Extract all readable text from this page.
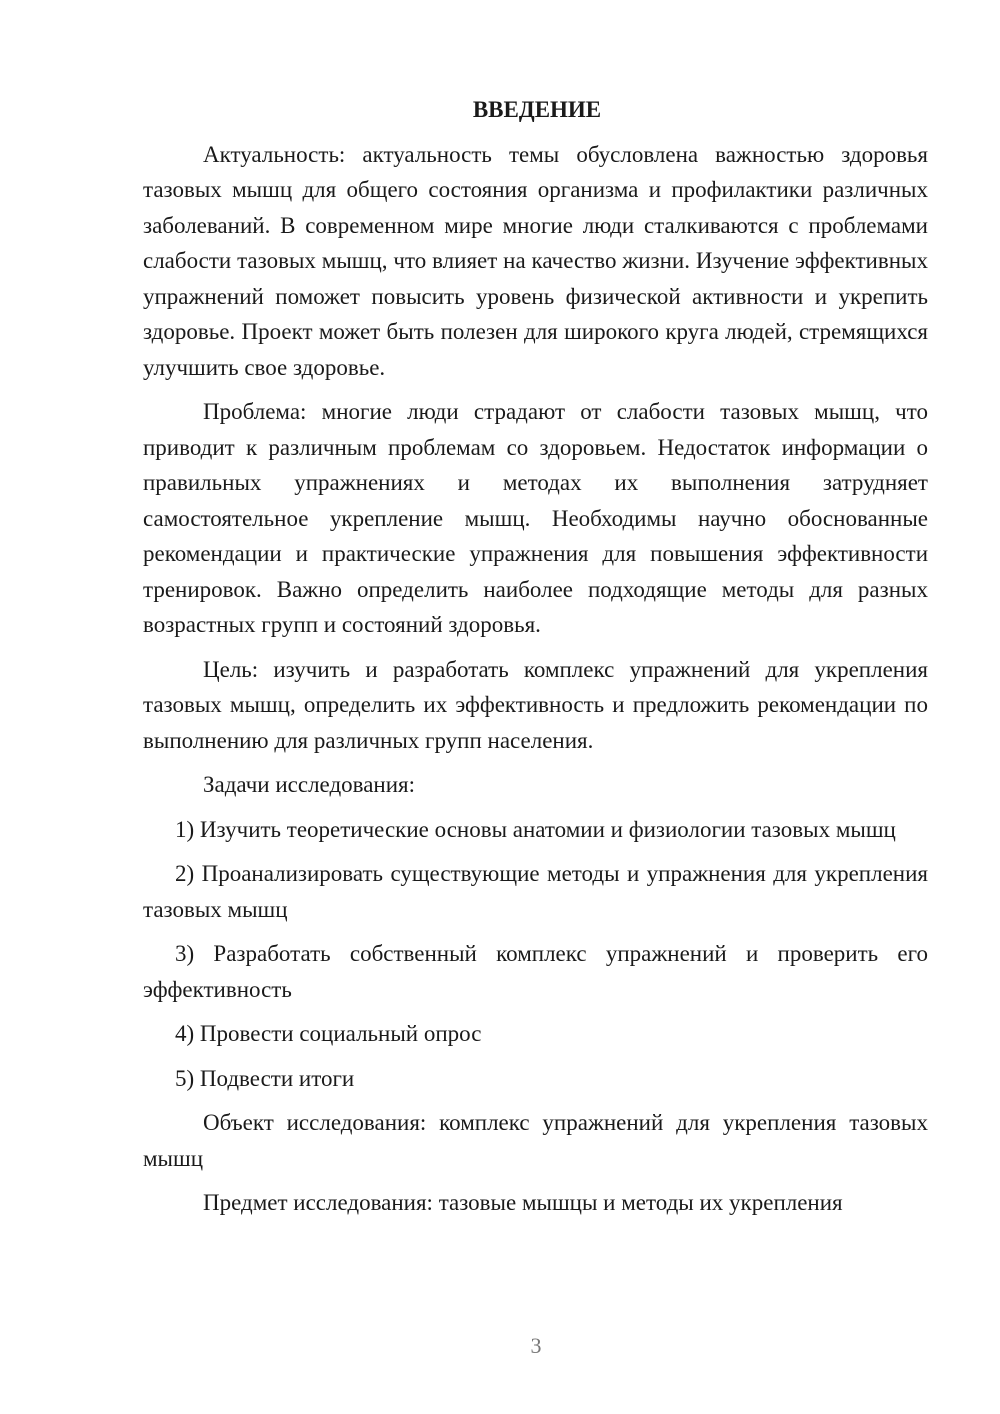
ВВЕДЕНИЕ

Актуальность: актуальность темы обусловлена важностью здоровья тазовых мышц для общего состояния организма и профилактики различных заболеваний. В современном мире многие люди сталкиваются с проблемами слабости тазовых мышц, что влияет на качество жизни. Изучение эффективных упражнений поможет повысить уровень физической активности и укрепить здоровье. Проект может быть полезен для широкого круга людей, стремящихся улучшить свое здоровье.

Проблема: многие люди страдают от слабости тазовых мышц, что приводит к различным проблемам со здоровьем. Недостаток информации о правильных упражнениях и методах их выполнения затрудняет самостоятельное укрепление мышц. Необходимы научно обоснованные рекомендации и практические упражнения для повышения эффективности тренировок. Важно определить наиболее подходящие методы для разных возрастных групп и состояний здоровья.

Цель: изучить и разработать комплекс упражнений для укрепления тазовых мышц, определить их эффективность и предложить рекомендации по выполнению для различных групп населения.

Задачи исследования:

1) Изучить теоретические основы анатомии и физиологии тазовых мышц

2) Проанализировать существующие методы и упражнения для укрепления тазовых мышц

3) Разработать собственный комплекс упражнений и проверить его эффективность

4) Провести социальный опрос

5) Подвести итоги

Объект исследования: комплекс упражнений для укрепления тазовых мышц

Предмет исследования: тазовые мышцы и методы их укрепления

3
